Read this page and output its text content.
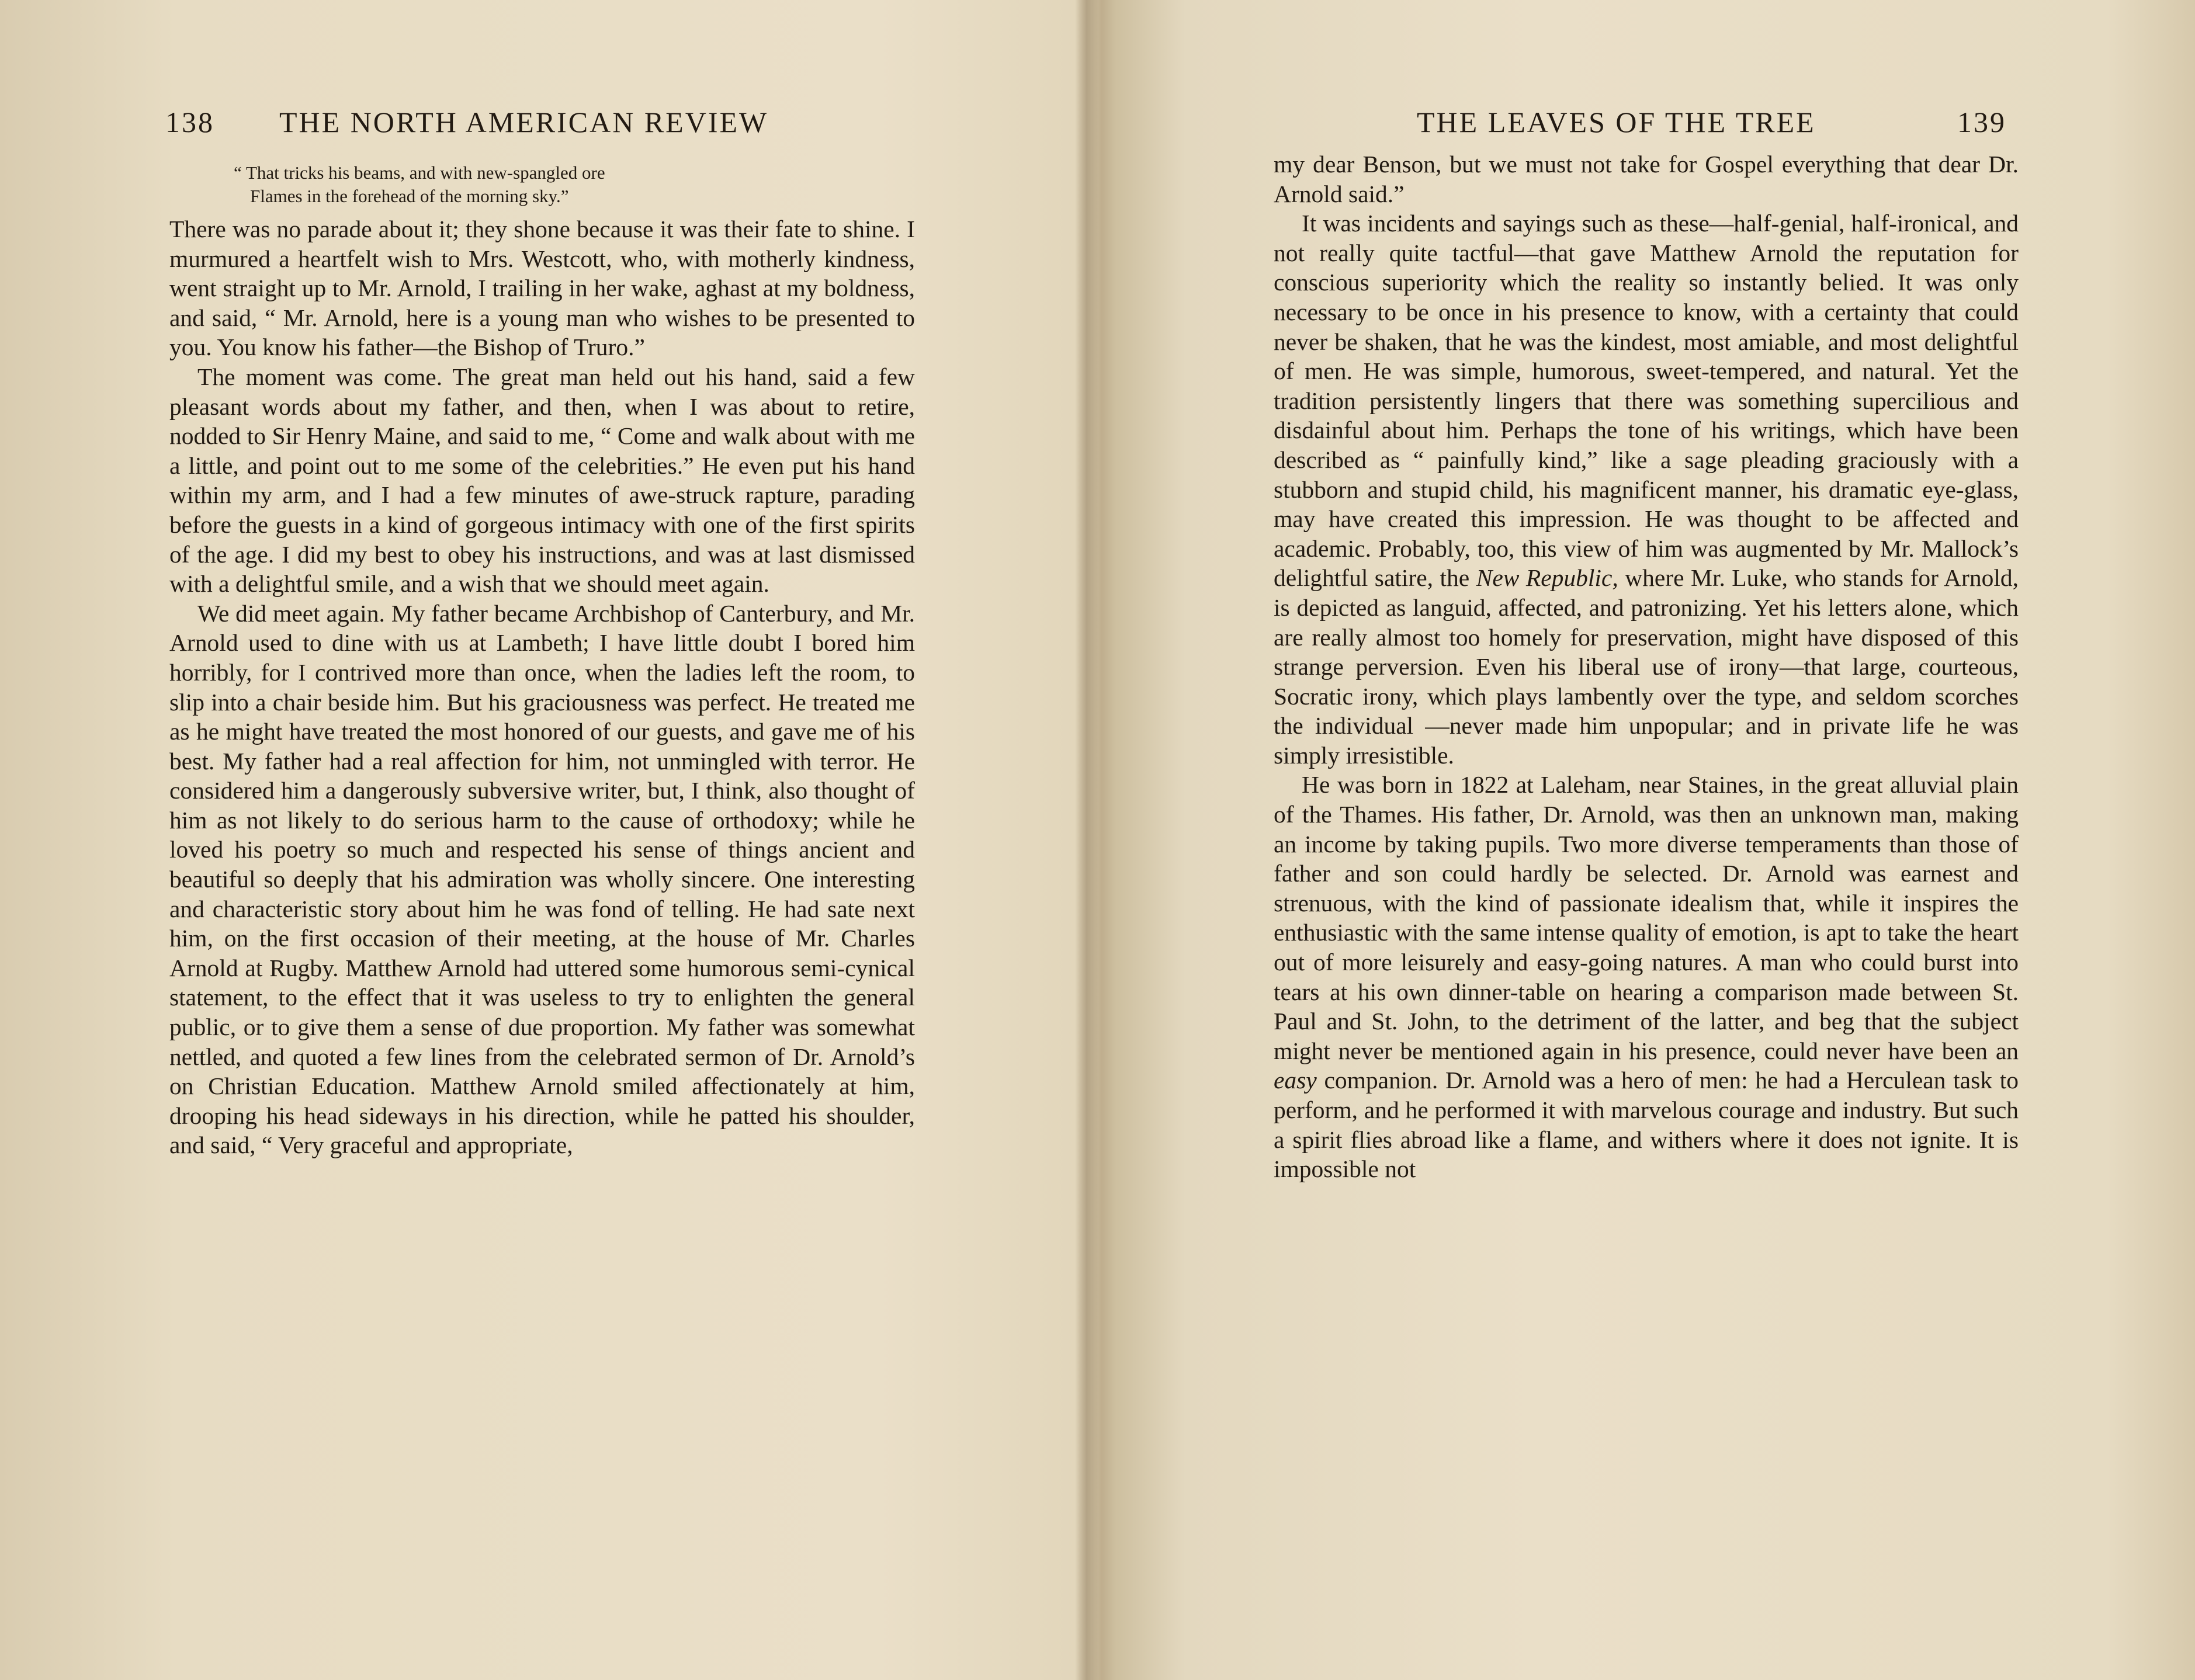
138 THE NORTH AMERICAN REVIEW

“ That tricks his beams, and with new-spangled ore

Flames in the forehead of the morning sky.”

There was no parade about it; they shone because it was their fate to shine. I murmured a heartfelt wish to Mrs. Westcott, who, with motherly kindness, went straight up to Mr. Arnold, I trailing in her wake, aghast at my boldness, and said, “ Mr. Arnold, here is a young man who wishes to be presented to you. You know his father—the Bishop of Truro.”

The moment was come. The great man held out his hand, said a few pleasant words about my father, and then, when I was about to retire, nodded to Sir Henry Maine, and said to me, “ Come and walk about with me a little, and point out to me some of the celebrities.” He even put his hand within my arm, and I had a few minutes of awe-struck rapture, parading before the guests in a kind of gorgeous intimacy with one of the first spirits of the age. I did my best to obey his instructions, and was at last dismissed with a delightful smile, and a wish that we should meet again.

We did meet again. My father became Archbishop of Canterbury, and Mr. Arnold used to dine with us at Lambeth; I have little doubt I bored him horribly, for I contrived more than once, when the ladies left the room, to slip into a chair beside him. But his graciousness was perfect. He treated me as he might have treated the most honored of our guests, and gave me of his best. My father had a real affection for him, not unmingled with terror. He considered him a dangerously subversive writer, but, I think, also thought of him as not likely to do serious harm to the cause of orthodoxy; while he loved his poetry so much and respected his sense of things ancient and beautiful so deeply that his admiration was wholly sincere. One interesting and characteristic story about him he was fond of telling. He had sate next him, on the first occasion of their meeting, at the house of Mr. Charles Arnold at Rugby. Matthew Arnold had uttered some humorous semi-cynical statement, to the effect that it was useless to try to enlighten the general public, or to give them a sense of due proportion. My father was somewhat nettled, and quoted a few lines from the celebrated sermon of Dr. Arnold’s on Christian Education. Matthew Arnold smiled affectionately at him, drooping his head sideways in his direction, while he patted his shoulder, and said, “ Very graceful and appropriate,

THE LEAVES OF THE TREE	139

my dear Benson, but we must not take for Gospel everything that dear Dr. Arnold said.”

It was incidents and sayings such as these—half-genial, half-ironical, and not really quite tactful—that gave Matthew Arnold the reputation for conscious superiority which the reality so instantly belied. It was only necessary to be once in his presence to know, with a certainty that could never be shaken, that he was the kindest, most amiable, and most delightful of men. He was simple, humorous, sweet-tempered, and natural. Yet the tradition persistently lingers that there was something supercilious and disdainful about him. Perhaps the tone of his writings, which have been described as “ painfully kind,” like a sage pleading graciously with a stubborn and stupid child, his magnificent manner, his dramatic eye-glass, may have created this impression. He was thought to be affected and academic. Probably, too, this view of him was augmented by Mr. Mallock’s delightful satire, the New Republic, where Mr. Luke, who stands for Arnold, is depicted as languid, affected, and patronizing. Yet his letters alone, which are really almost too homely for preservation, might have disposed of this strange perversion. Even his liberal use of irony—that large, courteous, Socratic irony, which plays lambently over the type, and seldom scorches the individual —never made him unpopular; and in private life he was simply irresistible.

He was born in 1822 at Laleham, near Staines, in the great alluvial plain of the Thames. His father, Dr. Arnold, was then an unknown man, making an income by taking pupils. Two more diverse temperaments than those of father and son could hardly be selected. Dr. Arnold was earnest and strenuous, with the kind of passionate idealism that, while it inspires the enthusiastic with the same intense quality of emotion, is apt to take the heart out of more leisurely and easy-going natures. A man who could burst into tears at his own dinner-table on hearing a comparison made between St. Paul and St. John, to the detriment of the latter, and beg that the subject might never be mentioned again in his presence, could never have been an easy companion. Dr. Arnold was a hero of men: he had a Herculean task to perform, and he performed it with marvelous courage and industry. But such a spirit flies abroad like a flame, and withers where it does not ignite. It is impossible not
